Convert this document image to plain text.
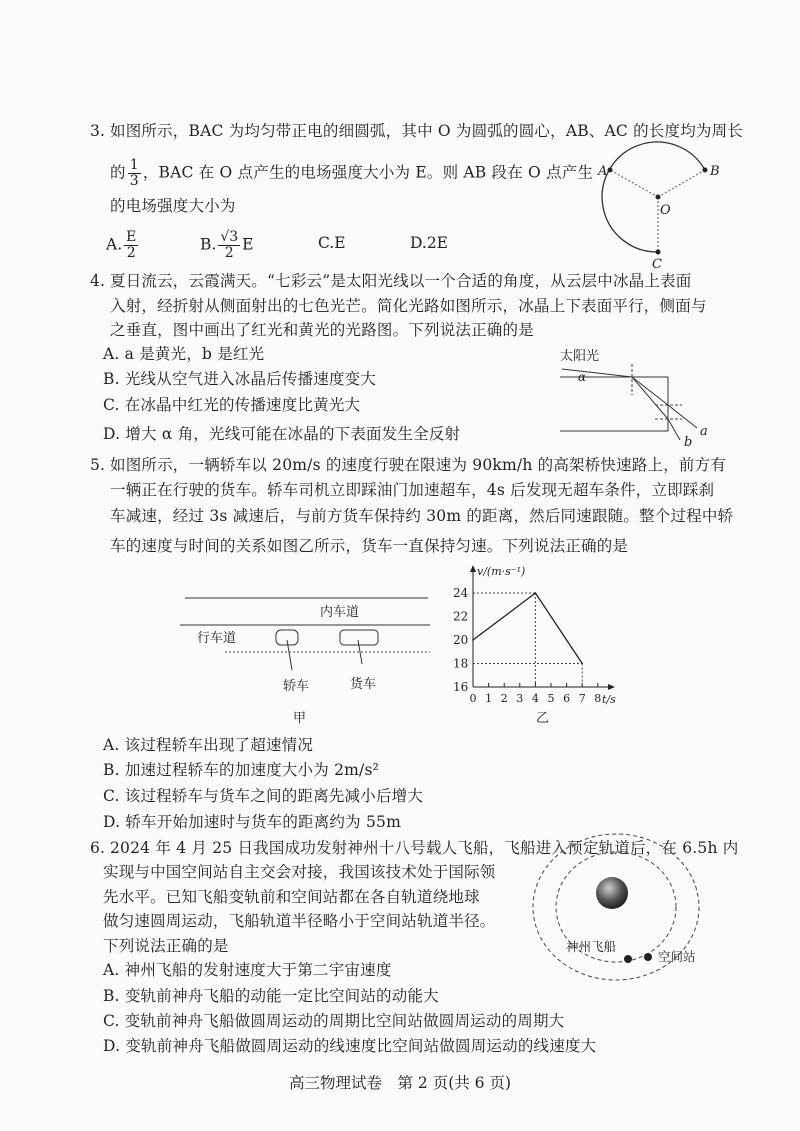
3. 如图所示，BAC 为均匀带正电的细圆弧，其中 O 为圆弧的圆心，AB、AC 的长度均为周长
的 $\frac{1}{3}$ ，BAC 在 O 点产生的电场强度大小为 E。则 AB 段在 O 点产生
的电场强度大小为
A. $\frac{E}{2}$	B. $\frac{√3}{2}$ E	C.E	D.2E
A	B
O
C
4. 夏日流云，云霞满天。“七彩云”是太阳光线以一个合适的角度，从云层中冰晶上表面
入射，经折射从侧面射出的七色光芒。简化光路如图所示，冰晶上下表面平行，侧面与
之垂直，图中画出了红光和黄光的光路图。下列说法正确的是
A. a 是黄光，b 是红光
B. 光线从空气进入冰晶后传播速度变大
C. 在冰晶中红光的传播速度比黄光大
D. 增大 α 角，光线可能在冰晶的下表面发生全反射
太阳光
α
a
b
5. 如图所示，一辆轿车以 20m/s 的速度行驶在限速为 90km/h 的高架桥快速路上，前方有
一辆正在行驶的货车。轿车司机立即踩油门加速超车，4s 后发现无超车条件，立即踩刹
车减速，经过 3s 减速后，与前方货车保持约 30m 的距离，然后同速跟随。整个过程中轿
车的速度与时间的关系如图乙所示，货车一直保持匀速。下列说法正确的是
内车道
行车道
轿车	货车
甲
v/(m·s⁻¹)
t/s
乙
0 1 2 3 4 5 6 7 8
16
18
20
22
24
A. 该过程轿车出现了超速情况
B. 加速过程轿车的加速度大小为 2m/s²
C. 该过程轿车与货车之间的距离先减小后增大
D. 轿车开始加速时与货车的距离约为 55m
6. 2024 年 4 月 25 日我国成功发射神州十八号载人飞船，飞船进入预定轨道后，在 6.5h 内
实现与中国空间站自主交会对接，我国该技术处于国际领
先水平。已知飞船变轨前和空间站都在各自轨道绕地球
做匀速圆周运动，飞船轨道半径略小于空间站轨道半径。
下列说法正确的是
A. 神州飞船的发射速度大于第二宇宙速度
B. 变轨前神舟飞船的动能一定比空间站的动能大
C. 变轨前神舟飞船做圆周运动的周期比空间站做圆周运动的周期大
D. 变轨前神舟飞船做圆周运动的线速度比空间站做圆周运动的线速度大
神州飞船
空间站
高三物理试卷　第 2 页(共 6 页)
